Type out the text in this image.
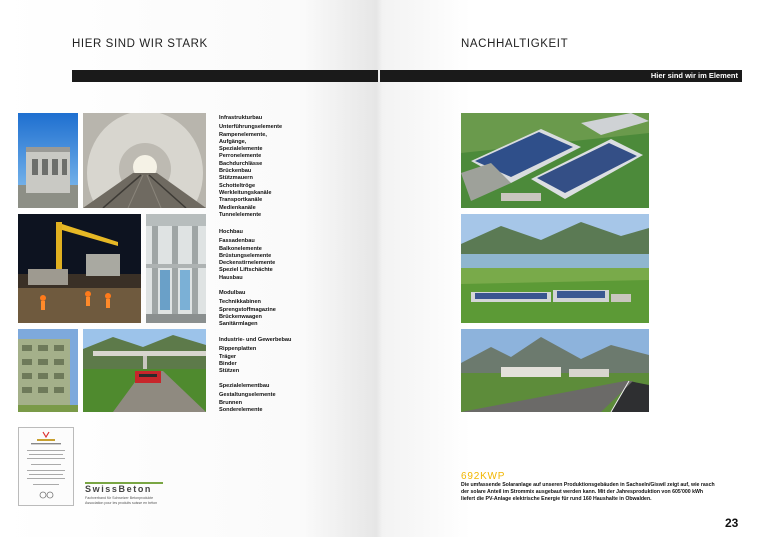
HIER SIND WIR STARK
Infrastrukturbau
Unterführungselemente
Rampenelemente,
Aufgänge,
Spezialelemente
Perronelemente
Bachdurchlässe
Brückenbau
Stützmauern
Schotteltröge
Werkleitungskanäle
Transportkanäle
Medienkanäle
Tunnelelemente
Hochbau
Fassadenbau
Balkonelemente
Brüstungselemente
Deckenstirnelemente
Speziel Liftschächte
Hausbau
Modulbau
Technikkabinen
Sprengstoffmagazine
Brückenwaagen
Sanitärmlagen
Industrie- und Gewerbebau
Rippenplatten
Träger
Binder
Stützen
Spezialelementbau
Gestaltungselemente
Brunnen
Sonderelemente
SwissBeton
Fachverband für Schweizer Betonprodukte
Association pour les produits suisse en béton
NACHHALTIGKEIT
Hier sind wir im Element
692KWP
Die umfassende Solaranlage auf unseren Produktionsgebäuden in Sachseln/Giswil zeigt auf, wie rasch
der solare Anteil im Strommix ausgebaut werden kann. Mit der Jahresproduktion von 605'000 kWh
liefert die PV-Anlage elektrische Energie für rund 160 Haushalte in Obwalden.
23
